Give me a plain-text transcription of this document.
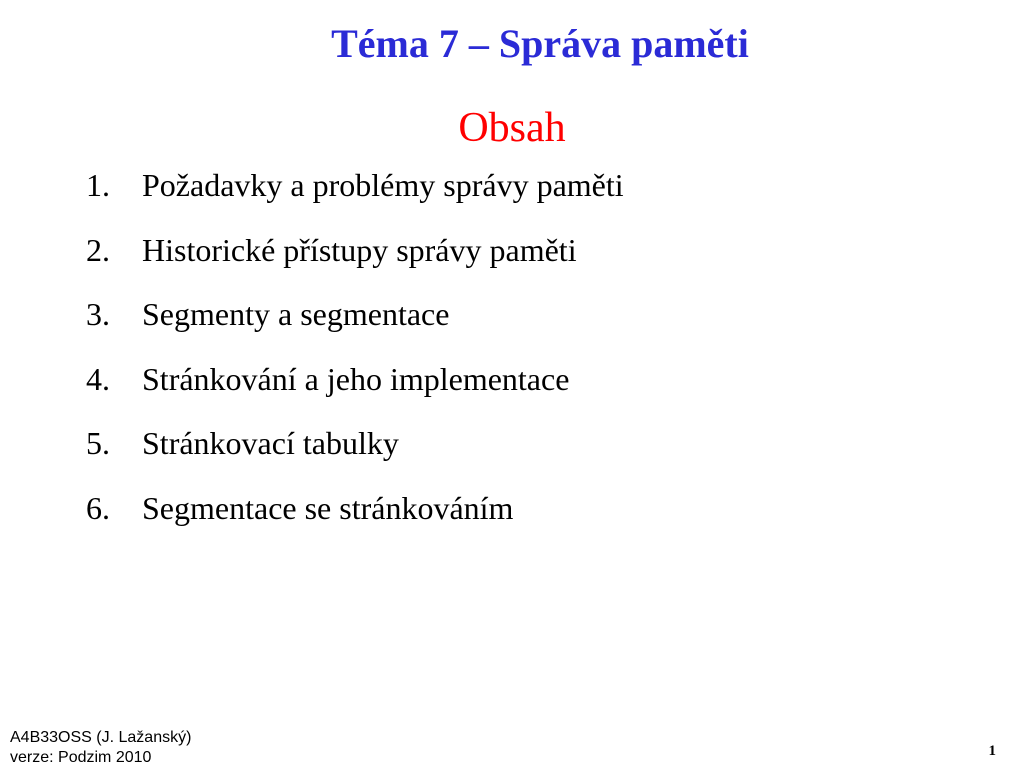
Téma 7 – Správa paměti
Obsah
1.	Požadavky a problémy správy paměti
2.	Historické přístupy správy paměti
3.	Segmenty a segmentace
4.	Stránkování a jeho implementace
5.	Stránkovací tabulky
6.	Segmentace se stránkováním
A4B33OSS (J. Lažanský)
verze: Podzim 2010	1
